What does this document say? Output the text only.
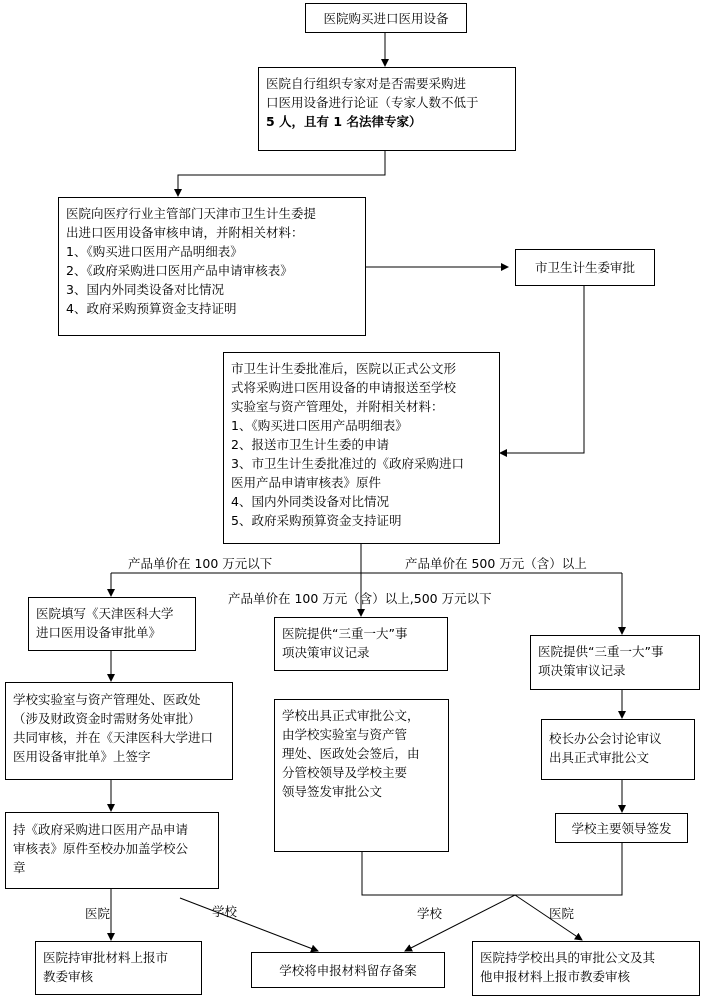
医院购买进口医用设备
医院自行组织专家对是否需要采购进
口医用设备进行论证（专家人数不低于
5 人，且有 1 名法律专家）
医院向医疗行业主管部门天津市卫生计生委提
出进口医用设备审核申请，并附相关材料：
1、《购买进口医用产品明细表》
2、《政府采购进口医用产品申请审核表》
3、国内外同类设备对比情况
4、政府采购预算资金支持证明
市卫生计生委审批
市卫生计生委批准后，医院以正式公文形
式将采购进口医用设备的申请报送至学校
实验室与资产管理处，并附相关材料：
1、《购买进口医用产品明细表》
2、报送市卫生计生委的申请
3、市卫生计生委批准过的《政府采购进口
医用产品申请审核表》原件
4、国内外同类设备对比情况
5、政府采购预算资金支持证明
医院填写《天津医科大学
进口医用设备审批单》
学校实验室与资产管理处、医政处
（涉及财政资金时需财务处审批）
共同审核，并在《天津医科大学进口
医用设备审批单》上签字
持《政府采购进口医用产品申请
审核表》原件至校办加盖学校公
章
医院提供“三重一大”事
项决策审议记录
学校出具正式审批公文，
由学校实验室与资产管
理处、医政处会签后，由
分管校领导及学校主要
领导签发审批公文
医院提供“三重一大”事
项决策审议记录
校长办公会讨论审议
出具正式审批公文
学校主要领导签发
医院持审批材料上报市
教委审核	学校将申报材料留存备案
医院持学校出具的审批公文及其
他申报材料上报市教委审核
产品单价在 100 万元以下	产品单价在 500 万元（含）以上
产品单价在 100 万元（含）以上,500 万元以下
医院	学校	学校	医院
